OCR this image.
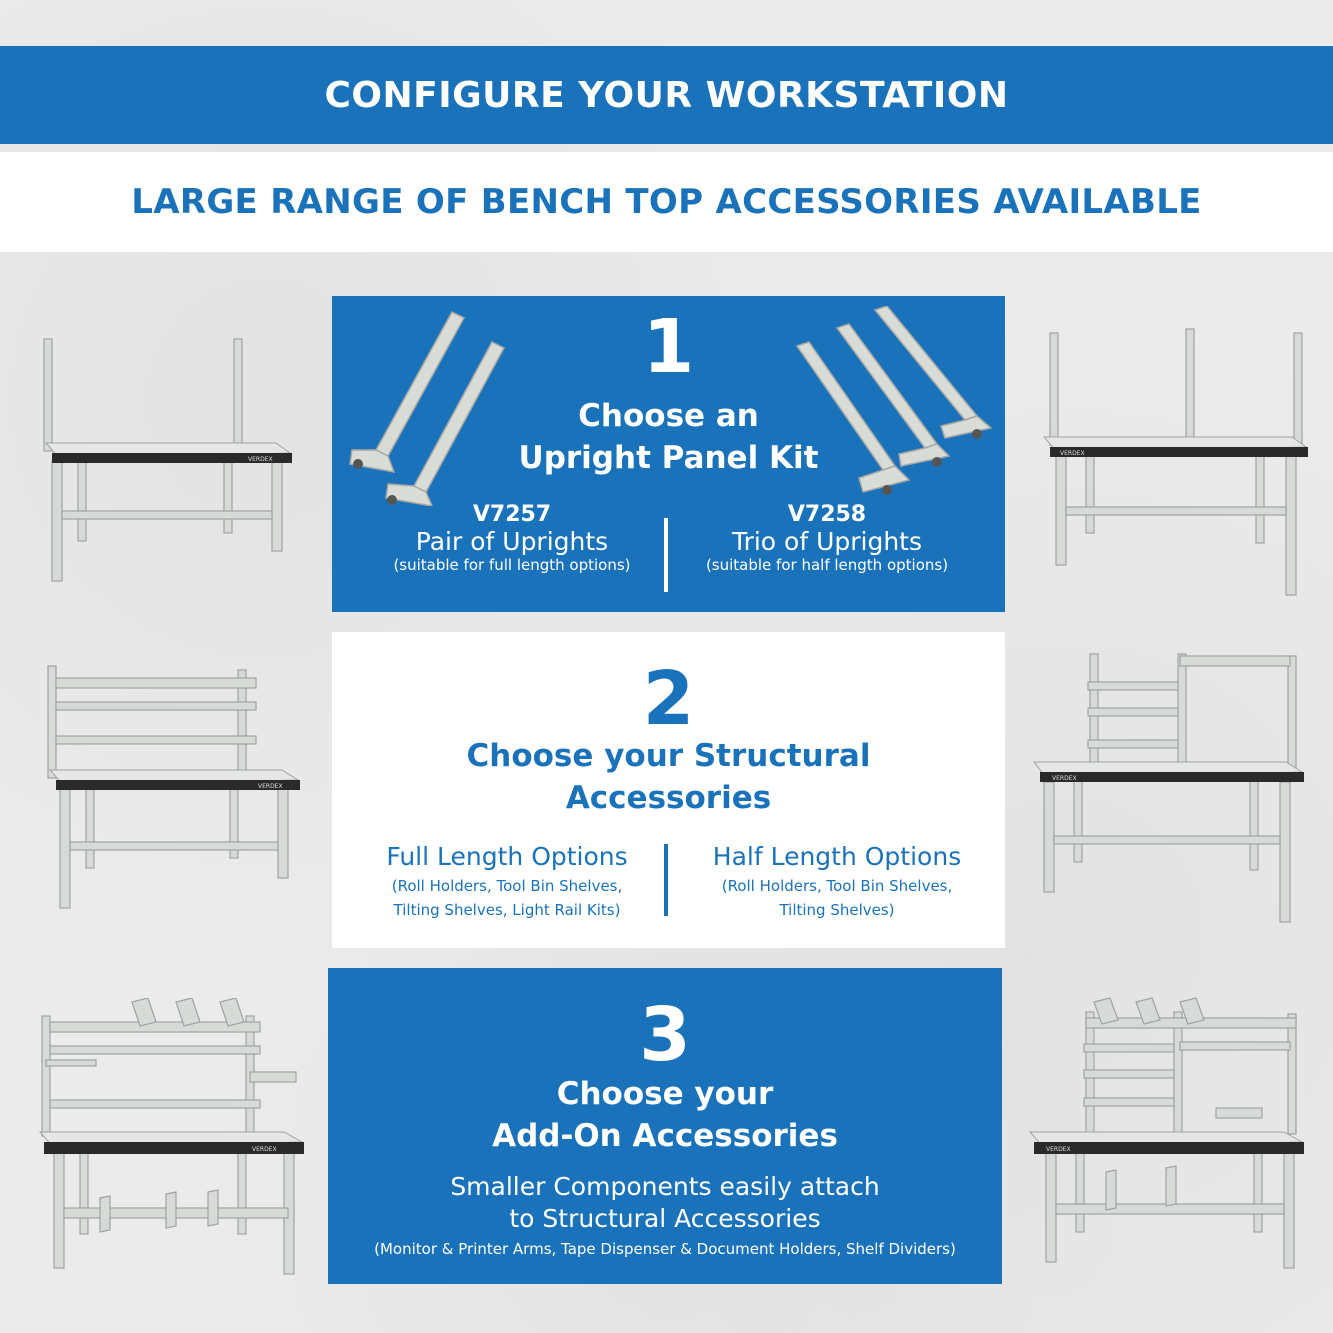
CONFIGURE YOUR WORKSTATION
LARGE RANGE OF BENCH TOP ACCESSORIES AVAILABLE
1
Choose an
Upright Panel Kit
V7257
Pair of Uprights
(suitable for full length options)
V7258
Trio of Uprights
(suitable for half length options)
2
Choose your Structural
Accessories
Full Length Options
(Roll Holders, Tool Bin Shelves,
Tilting Shelves, Light Rail Kits)
Half Length Options
(Roll Holders, Tool Bin Shelves,
Tilting Shelves)
3
Choose your
Add-On Accessories
Smaller Components easily attach
to Structural Accessories
(Monitor & Printer Arms, Tape Dispenser & Document Holders, Shelf Dividers)
VERDEX
VERDEX
VERDEX
VERDEX
VERDEX	VERDEX
